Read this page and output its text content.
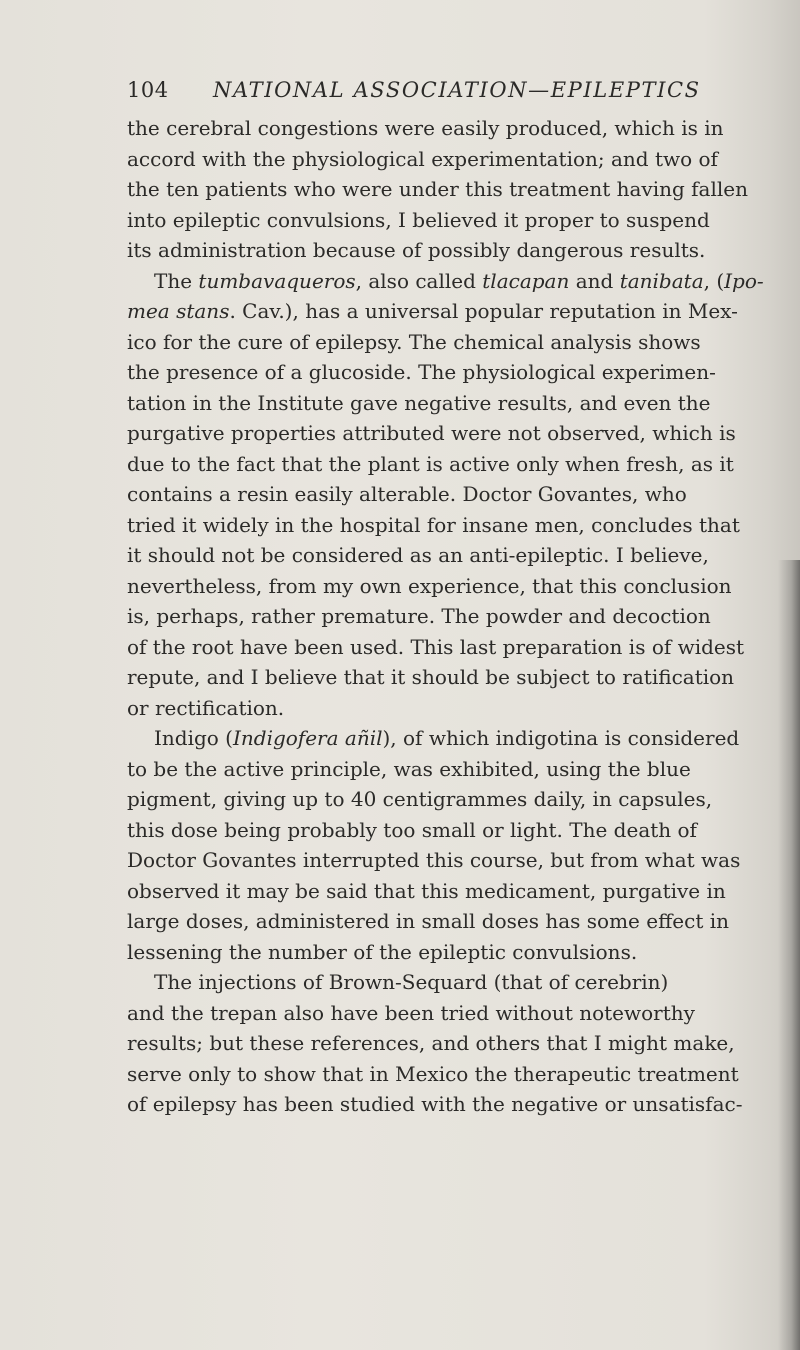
104 NATIONAL ASSOCIATION—EPILEPTICS
the cerebral congestions were easily produced, which is in
accord with the physiological experimentation; and two of
the ten patients who were under this treatment having fallen
into epileptic convulsions, I believed it proper to suspend
its administration because of possibly dangerous results.
The tumbavaqueros, also called tlacapan and tanibata, (Ipo-
mea stans. Cav.), has a universal popular reputation in Mex-
ico for the cure of epilepsy. The chemical analysis shows
the presence of a glucoside. The physiological experimen-
tation in the Institute gave negative results, and even the
purgative properties attributed were not observed, which is
due to the fact that the plant is active only when fresh, as it
contains a resin easily alterable. Doctor Govantes, who
tried it widely in the hospital for insane men, concludes that
it should not be considered as an anti-epileptic. I believe,
nevertheless, from my own experience, that this conclusion
is, perhaps, rather premature. The powder and decoction
of the root have been used. This last preparation is of widest
repute, and I believe that it should be subject to ratification
or rectification.
Indigo (Indigofera añil), of which indigotina is considered
to be the active principle, was exhibited, using the blue
pigment, giving up to 40 centigrammes daily, in capsules,
this dose being probably too small or light. The death of
Doctor Govantes interrupted this course, but from what was
observed it may be said that this medicament, purgative in
large doses, administered in small doses has some effect in
lessening the number of the epileptic convulsions.
The injections of Brown-Sequard (that of cerebrin)
and the trepan also have been tried without noteworthy
results; but these references, and others that I might make,
serve only to show that in Mexico the therapeutic treatment
of epilepsy has been studied with the negative or unsatisfac-
